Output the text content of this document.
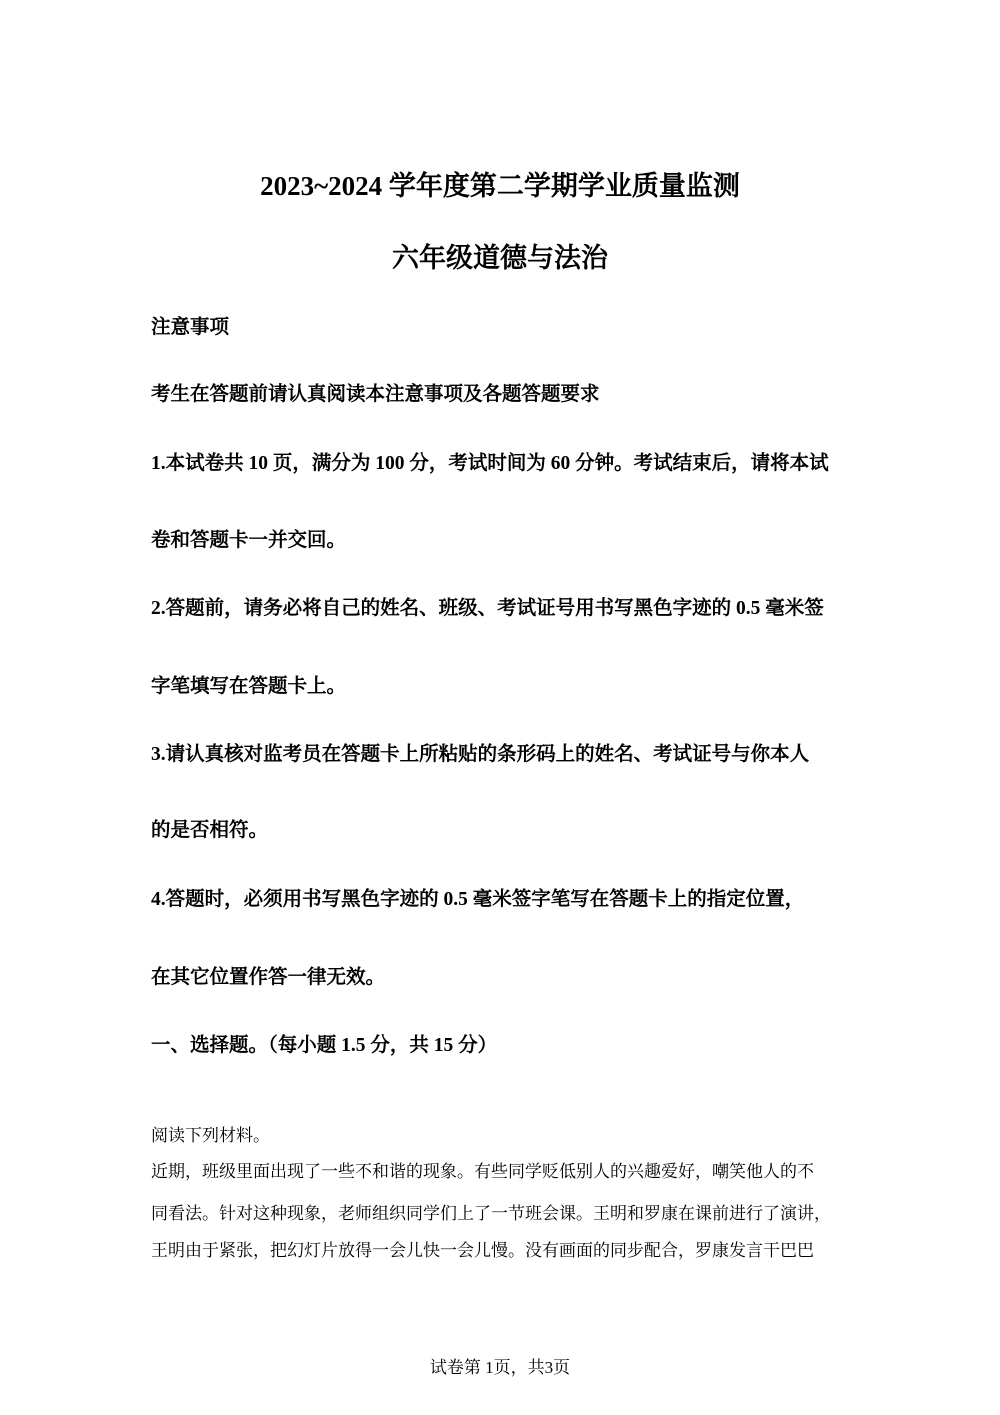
2023~2024 学年度第二学期学业质量监测
六年级道德与法治
注意事项
考生在答题前请认真阅读本注意事项及各题答题要求
1.本试卷共 10 页，满分为 100 分，考试时间为 60 分钟。考试结束后，请将本试
卷和答题卡一并交回。
2.答题前，请务必将自己的姓名、班级、考试证号用书写黑色字迹的 0.5 毫米签
字笔填写在答题卡上。
3.请认真核对监考员在答题卡上所粘贴的条形码上的姓名、考试证号与你本人
的是否相符。
4.答题时，必须用书写黑色字迹的 0.5 毫米签字笔写在答题卡上的指定位置，
在其它位置作答一律无效。
一、选择题。（每小题 1.5 分，共 15 分）
阅读下列材料。
近期，班级里面出现了一些不和谐的现象。有些同学贬低别人的兴趣爱好，嘲笑他人的不
同看法。针对这种现象，老师组织同学们上了一节班会课。王明和罗康在课前进行了演讲，
王明由于紧张，把幻灯片放得一会儿快一会儿慢。没有画面的同步配合，罗康发言干巴巴
试卷第 1页，共3页
